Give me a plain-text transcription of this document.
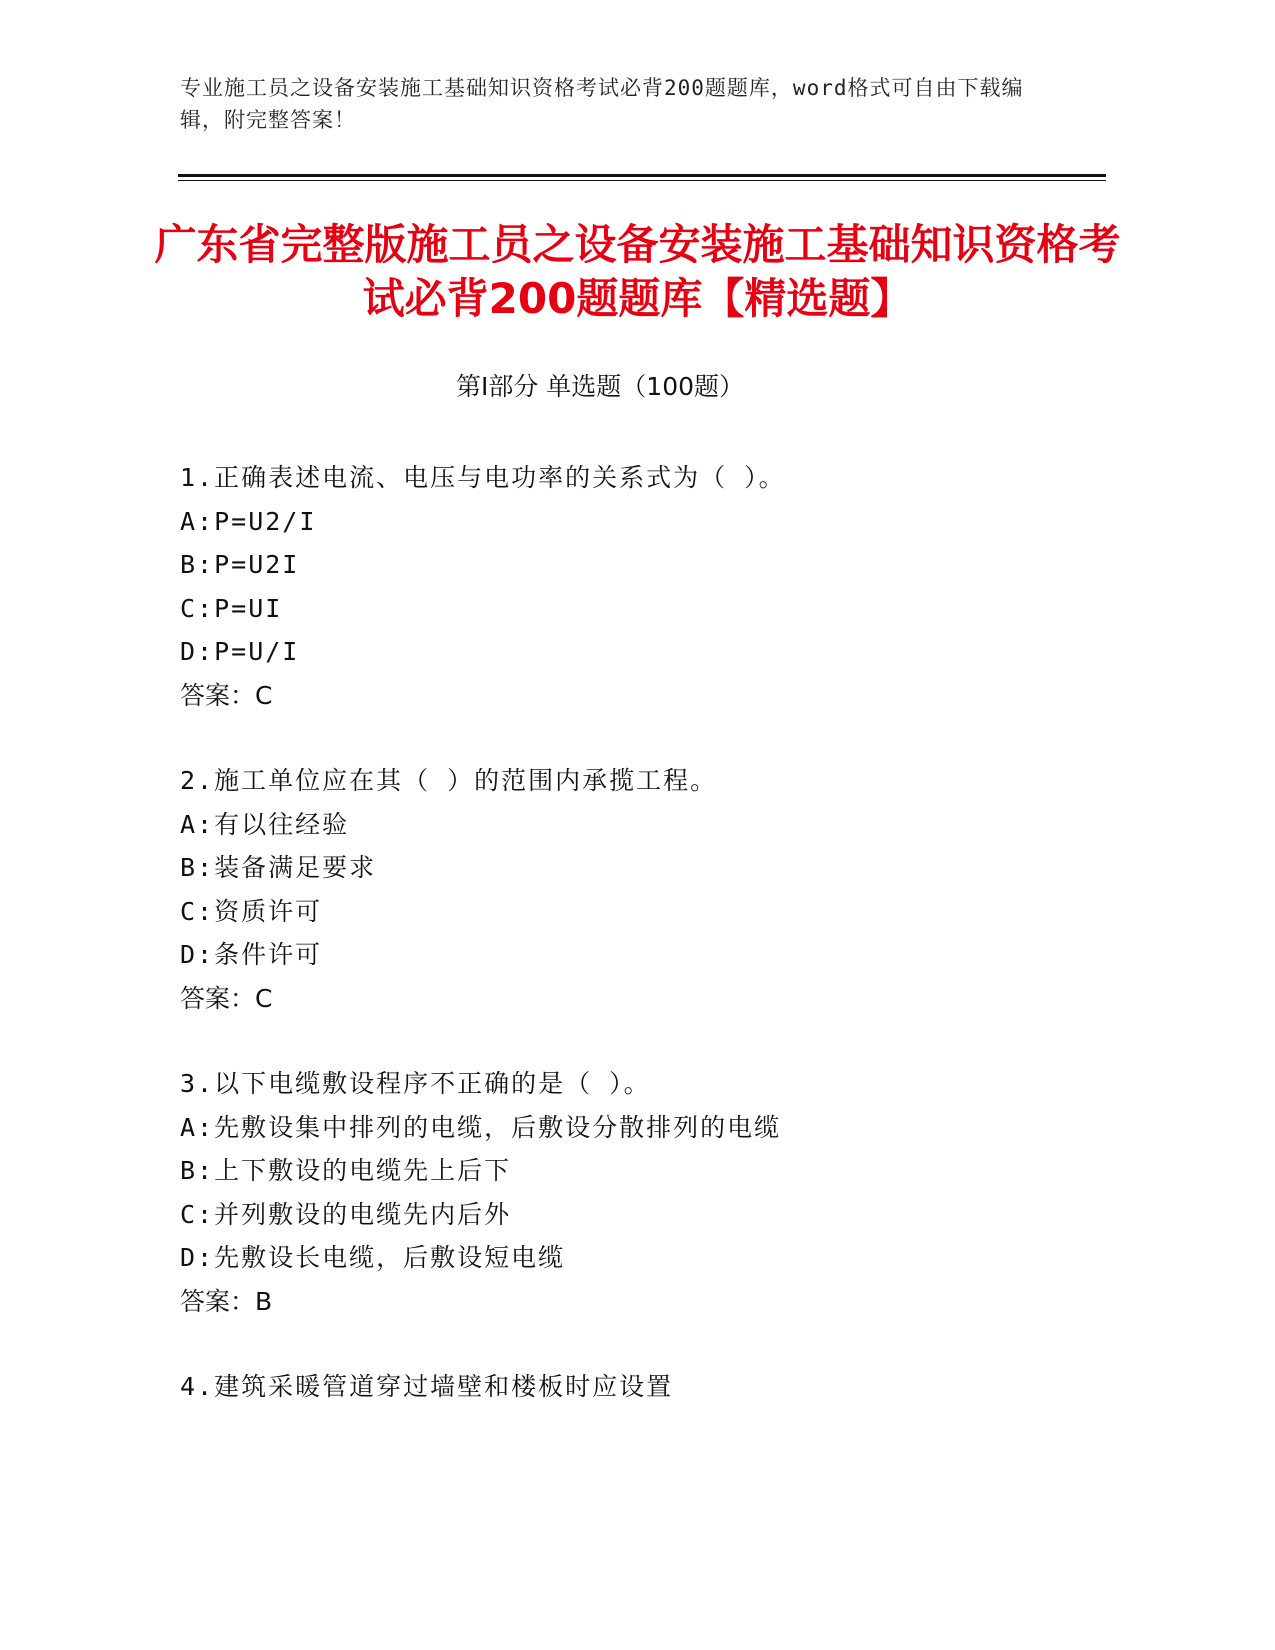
专业施工员之设备安装施工基础知识资格考试必背200题题库，word格式可自由下载编辑，附完整答案！
广东省完整版施工员之设备安装施工基础知识资格考试必背200题题库【精选题】
第Ⅰ部分 单选题（100题）
1.正确表述电流、电压与电功率的关系式为（ ）。
A:P=U2/I
B:P=U2I
C:P=UI
D:P=U/I
答案：C
2.施工单位应在其（ ）的范围内承揽工程。
A:有以往经验
B:装备满足要求
C:资质许可
D:条件许可
答案：C
3.以下电缆敷设程序不正确的是（ ）。
A:先敷设集中排列的电缆，后敷设分散排列的电缆
B:上下敷设的电缆先上后下
C:并列敷设的电缆先内后外
D:先敷设长电缆，后敷设短电缆
答案：B
4.建筑采暖管道穿过墙壁和楼板时应设置
